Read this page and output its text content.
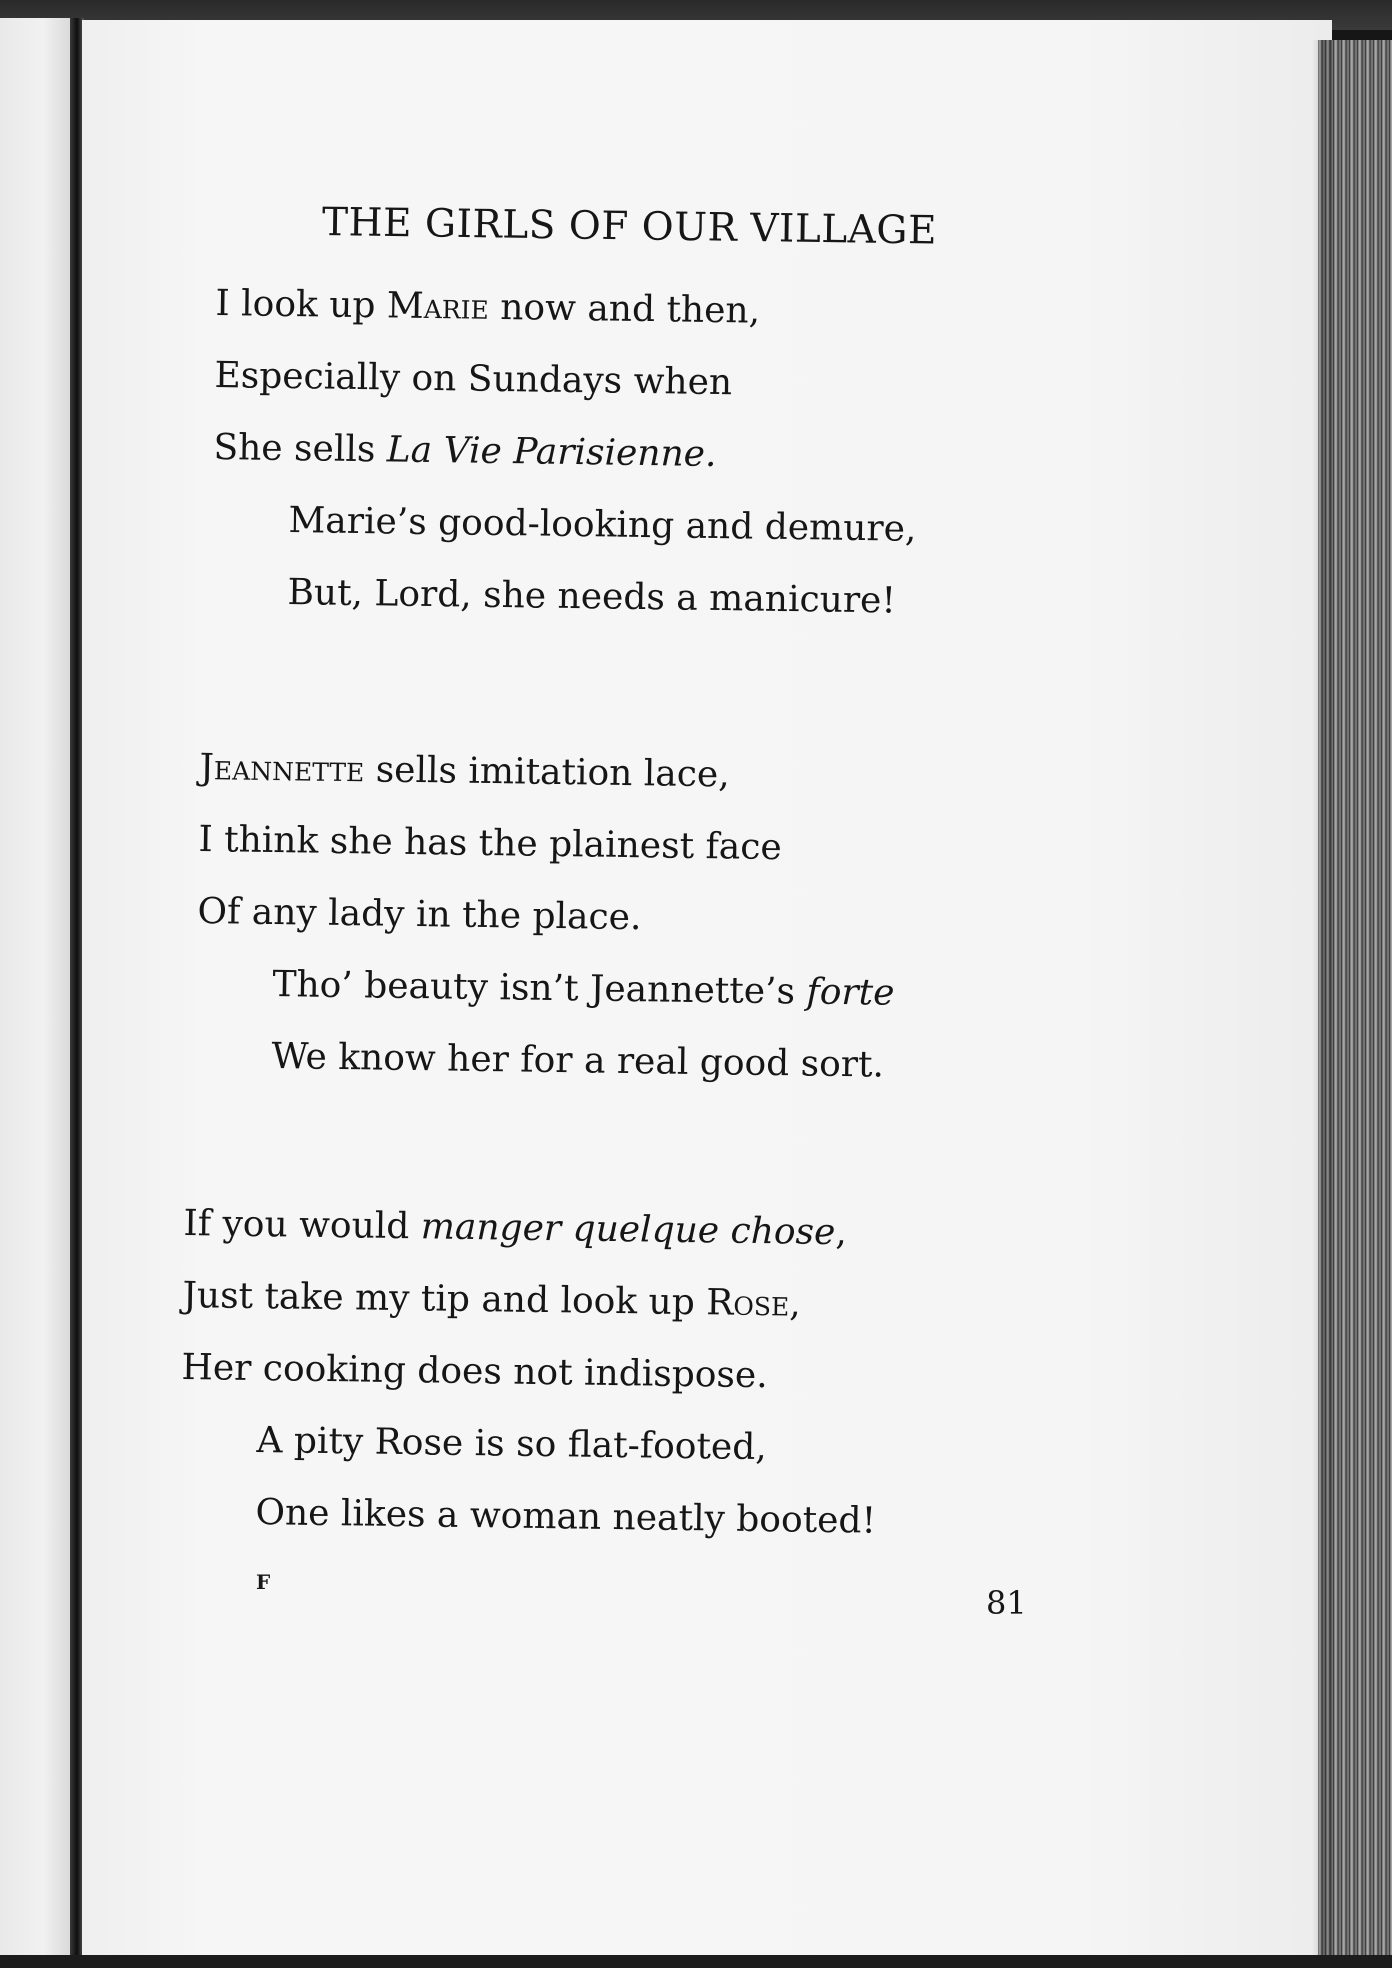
THE GIRLS OF OUR VILLAGE
I look up Marie now and then,
Especially on Sundays when
She sells La Vie Parisienne.
Marie’s good-looking and demure,
But, Lord, she needs a manicure!
Jeannette sells imitation lace,
I think she has the plainest face
Of any lady in the place.
Tho’ beauty isn’t Jeannette’s forte
We know her for a real good sort.
If you would manger quelque chose,
Just take my tip and look up Rose,
Her cooking does not indispose.
A pity Rose is so flat-footed,
One likes a woman neatly booted!
F
81
